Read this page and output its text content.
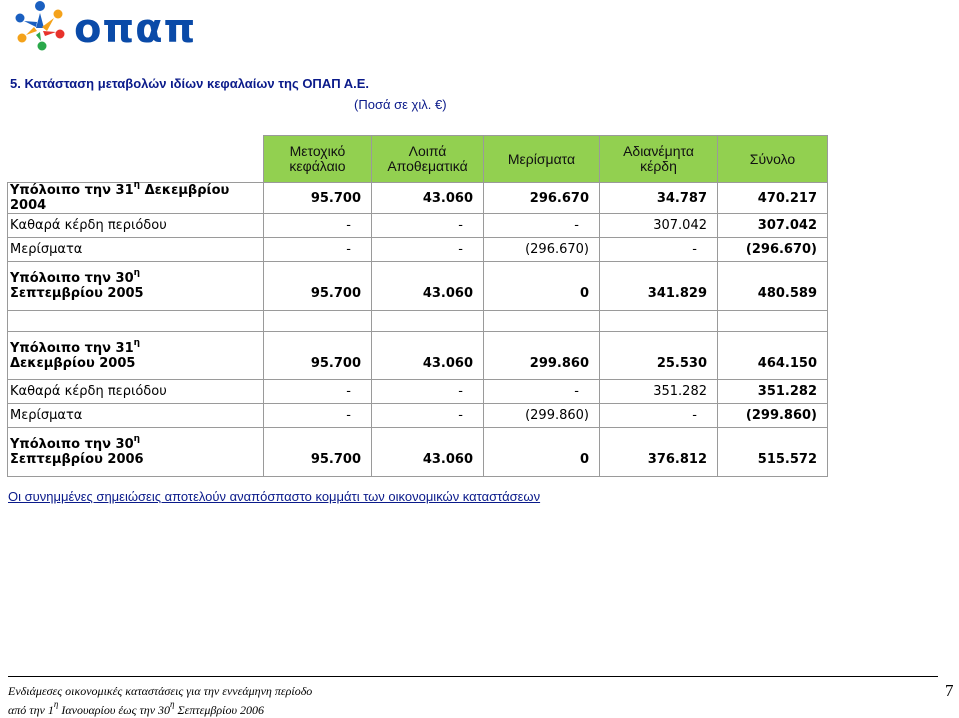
οπαπ
5. Κατάσταση μεταβολών ιδίων κεφαλαίων της ΟΠΑΠ Α.Ε.
(Ποσά σε χιλ. €)
	Μετοχικό	Λοιπά	Μερίσματα	Αδιανέμητα	Σύνολο
	κεφάλαιο	Αποθεματικά		κέρδη	
Υπόλοιπο την $31^\eta$ Δεκεμβρίου 2004	95.700	43.060	296.670	34.787	470.217
Καθαρά κέρδη περιόδου	-	-	-	307.042	307.042
Μερίσματα	-	-	(296.670)	-	(296.670)
Υπόλοιπο την $30^\eta$					
Σεπτεμβρίου 2005	95.700	43.060	0	341.829	480.589

Υπόλοιπο την $31^\eta$					
Δεκεμβρίου 2005	95.700	43.060	299.860	25.530	464.150
Καθαρά κέρδη περιόδου	-	-	-	351.282	351.282
Μερίσματα	-	-	(299.860)	-	(299.860)
Υπόλοιπο την $30^\eta$					
Σεπτεμβρίου 2006	95.700	43.060	0	376.812	515.572
Οι συνημμένες σημειώσεις αποτελούν αναπόσπαστο κομμάτι των οικονομικών καταστάσεων
Ενδιάμεσες οικονομικές καταστάσεις για την εννεάμηνη περίοδο
από την $1^\eta$ Ιανουαρίου έως την $30^\eta$ Σεπτεμβρίου 2006
7
